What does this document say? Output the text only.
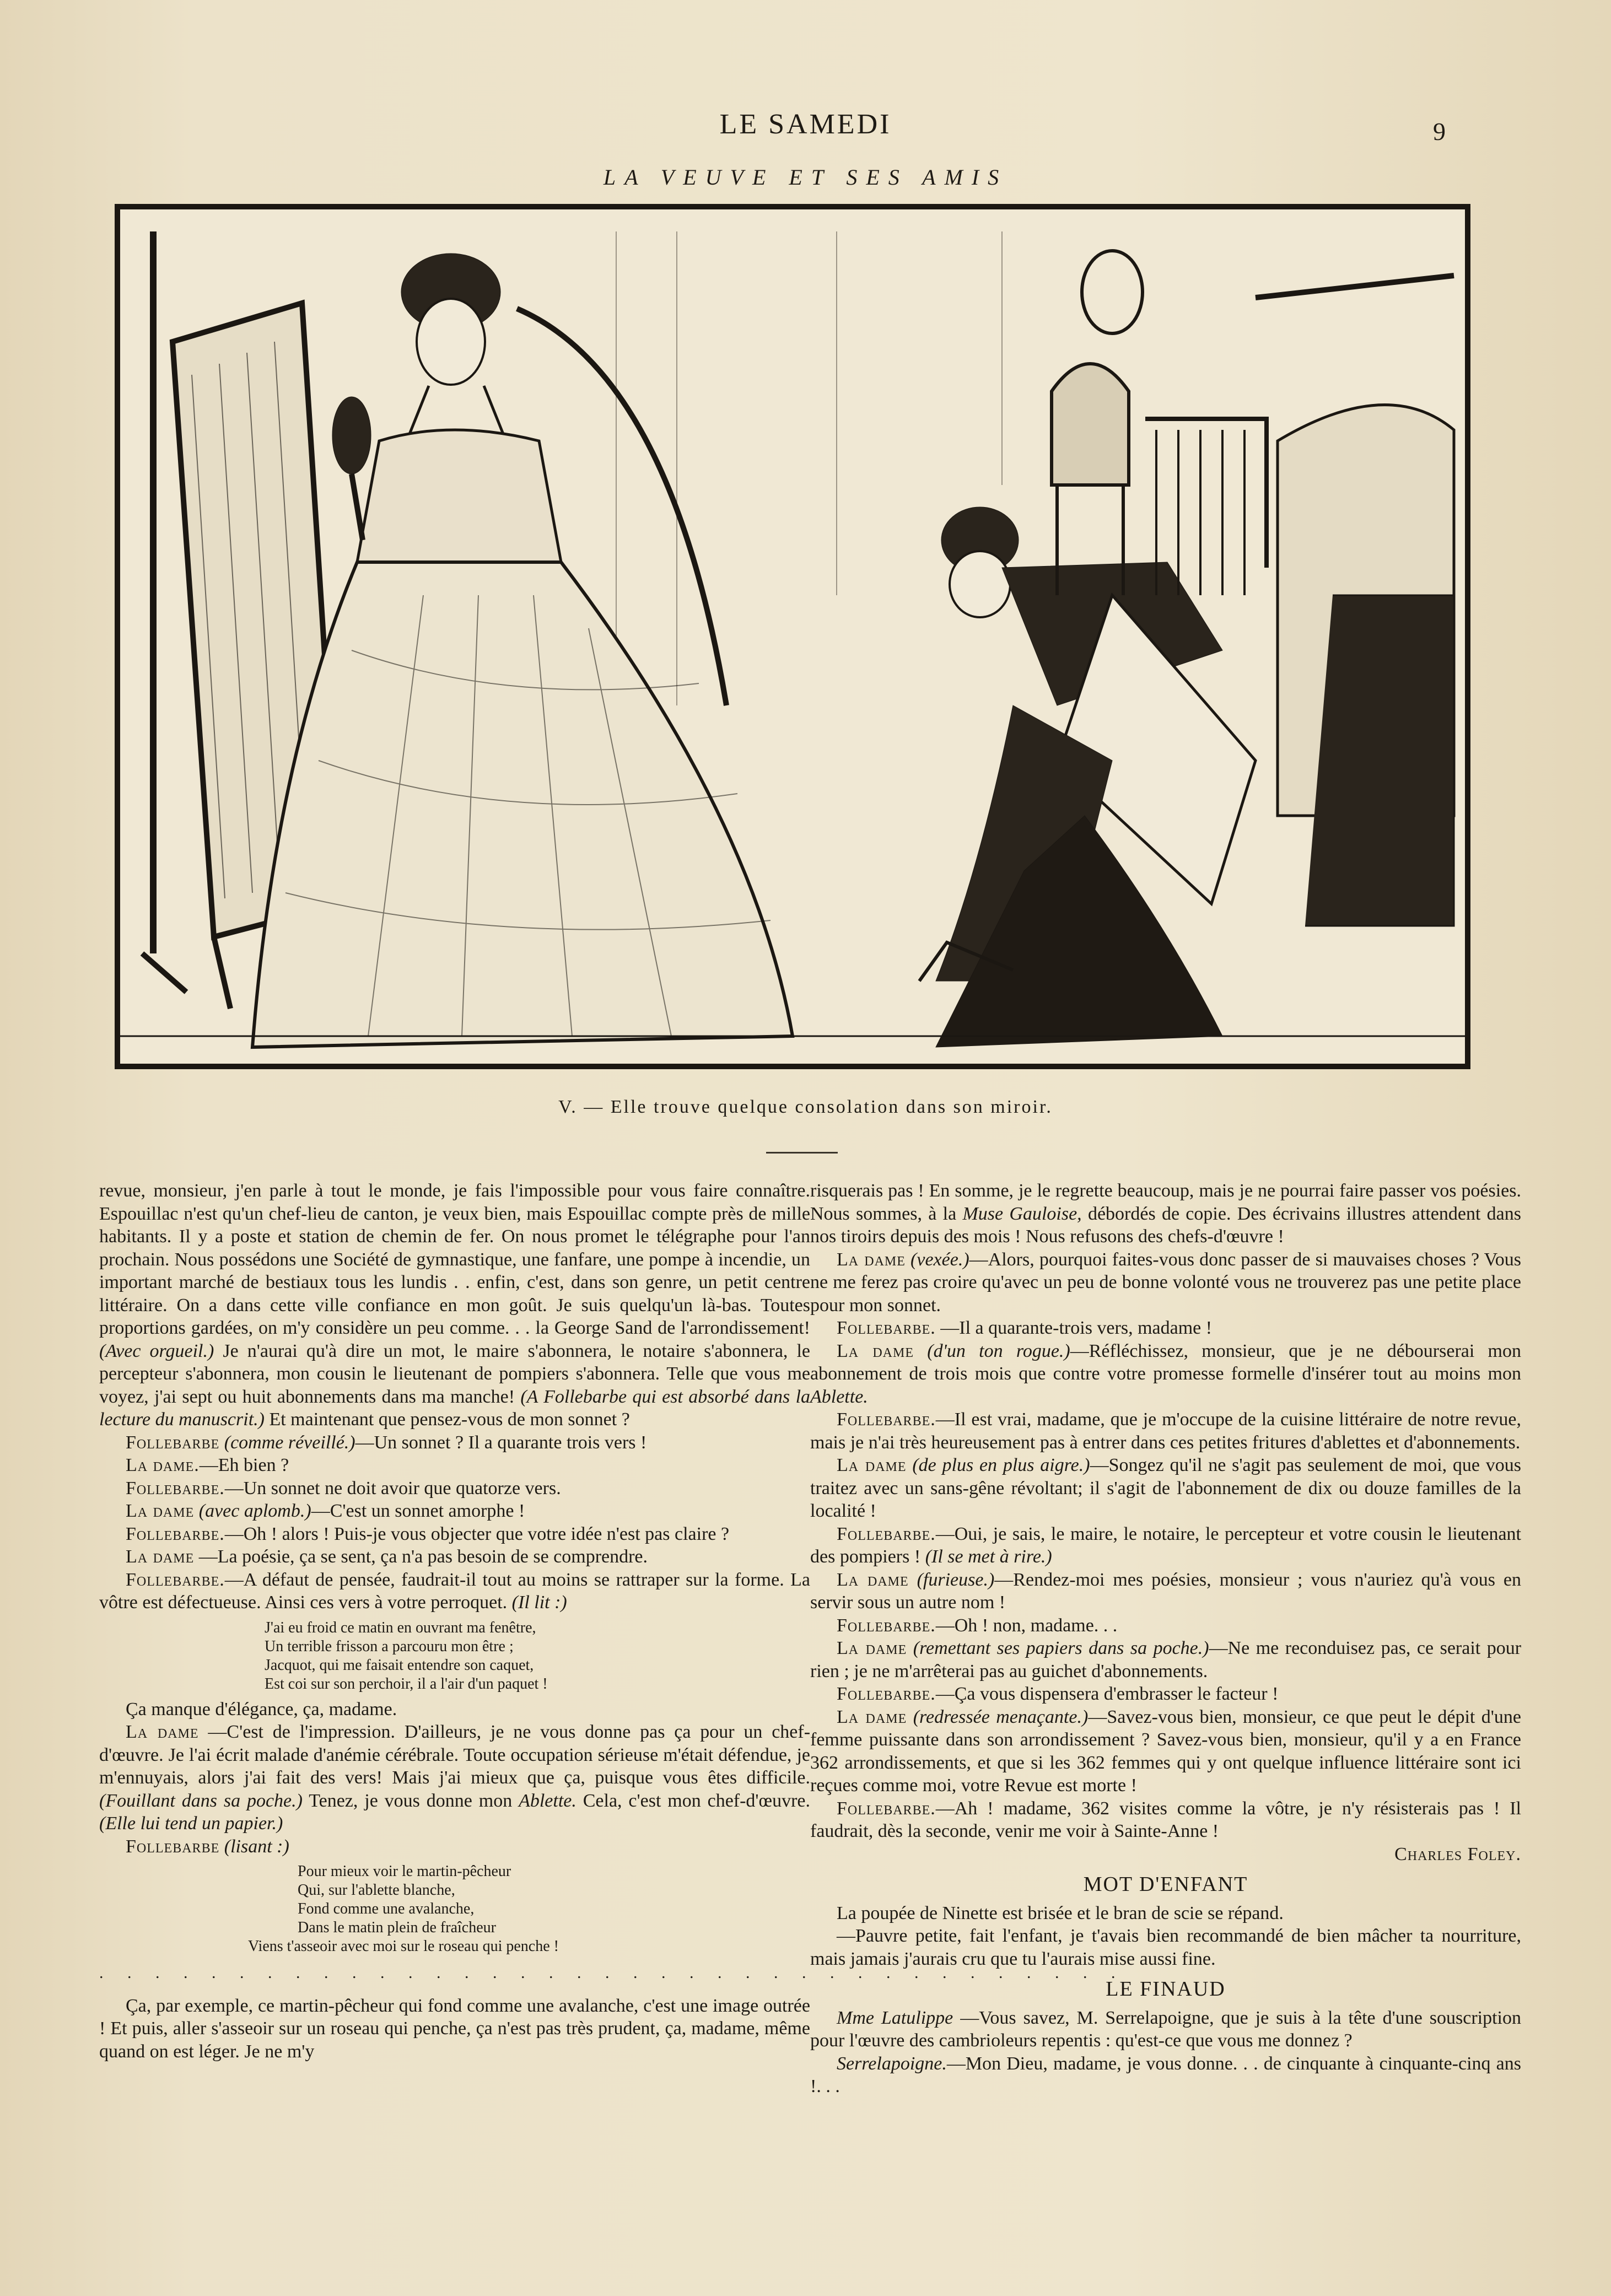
LE SAMEDI	9
LA VEUVE ET SES AMIS
V. — Elle trouve quelque consolation dans son miroir.

revue, monsieur, j'en parle à tout le monde, je fais l'impossible pour vous faire connaître. Espouillac n'est qu'un chef-lieu de canton, je veux bien, mais Espouillac compte près de mille habitants. Il y a poste et station de chemin de fer. On nous promet le télégraphe pour l'an prochain. Nous possédons une Société de gymnastique, une fanfare, une pompe à incendie, un important marché de bestiaux tous les lundis . . enfin, c'est, dans son genre, un petit centre littéraire. On a dans cette ville confiance en mon goût. Je suis quelqu'un là-bas. Toutes proportions gardées, on m'y considère un peu comme. . . la George Sand de l'arrondissement! (Avec orgueil.) Je n'aurai qu'à dire un mot, le maire s'abonnera, le notaire s'abonnera, le percepteur s'abonnera, mon cousin le lieutenant de pompiers s'abonnera. Telle que vous me voyez, j'ai sept ou huit abonnements dans ma manche! (A Follebarbe qui est absorbé dans la lecture du manuscrit.) Et maintenant que pensez-vous de mon sonnet ?

Follebarbe (comme réveillé.)—Un sonnet ? Il a quarante trois vers !

La dame.—Eh bien ?

Follebarbe.—Un sonnet ne doit avoir que quatorze vers.

La dame (avec aplomb.)—C'est un sonnet amorphe !

Follebarbe.—Oh ! alors ! Puis-je vous objecter que votre idée n'est pas claire ?

La dame —La poésie, ça se sent, ça n'a pas besoin de se comprendre.

Follebarbe.—A défaut de pensée, faudrait-il tout au moins se rattraper sur la forme. La vôtre est défectueuse. Ainsi ces vers à votre perroquet. (Il lit :)

J'ai eu froid ce matin en ouvrant ma fenêtre,
Un terrible frisson a parcouru mon être ;
Jacquot, qui me faisait entendre son caquet,
Est coi sur son perchoir, il a l'air d'un paquet !

Ça manque d'élégance, ça, madame.

La dame —C'est de l'impression. D'ailleurs, je ne vous donne pas ça pour un chef-d'œuvre. Je l'ai écrit malade d'anémie cérébrale. Toute occupation sérieuse m'était défendue, je m'ennuyais, alors j'ai fait des vers! Mais j'ai mieux que ça, puisque vous êtes difficile. (Fouillant dans sa poche.) Tenez, je vous donne mon Ablette. Cela, c'est mon chef-d'œuvre. (Elle lui tend un papier.)

Follebarbe (lisant :)

Pour mieux voir le martin-pêcheur
Qui, sur l'ablette blanche,
Fond comme une avalanche,
Dans le matin plein de fraîcheur
Viens t'asseoir avec moi sur le roseau qui penche !
. . . . . . . . . . . . . . . . . . . . . . . . . . . . . . . . . . . . .

Ça, par exemple, ce martin-pêcheur qui fond comme une avalanche, c'est une image outrée ! Et puis, aller s'asseoir sur un roseau qui penche, ça n'est pas très prudent, ça, madame, même quand on est léger. Je ne m'y

risquerais pas ! En somme, je le regrette beaucoup, mais je ne pourrai faire passer vos poésies. Nous sommes, à la Muse Gauloise, débordés de copie. Des écrivains illustres attendent dans nos tiroirs depuis des mois ! Nous refusons des chefs-d'œuvre !

La dame (vexée.)—Alors, pourquoi faites-vous donc passer de si mauvaises choses ? Vous ne me ferez pas croire qu'avec un peu de bonne volonté vous ne trouverez pas une petite place pour mon sonnet.

Follebarbe. —Il a quarante-trois vers, madame !

La dame (d'un ton rogue.)—Réfléchissez, monsieur, que je ne débourserai mon abonnement de trois mois que contre votre promesse formelle d'insérer tout au moins mon Ablette.

Follebarbe.—Il est vrai, madame, que je m'occupe de la cuisine littéraire de notre revue, mais je n'ai très heureusement pas à entrer dans ces petites fritures d'ablettes et d'abonnements.

La dame (de plus en plus aigre.)—Songez qu'il ne s'agit pas seulement de moi, que vous traitez avec un sans-gêne révoltant; il s'agit de l'abonnement de dix ou douze familles de la localité !

Follebarbe.—Oui, je sais, le maire, le notaire, le percepteur et votre cousin le lieutenant des pompiers ! (Il se met à rire.)

La dame (furieuse.)—Rendez-moi mes poésies, monsieur ; vous n'auriez qu'à vous en servir sous un autre nom !

Follebarbe.—Oh ! non, madame. . .

La dame (remettant ses papiers dans sa poche.)—Ne me reconduisez pas, ce serait pour rien ; je ne m'arrêterai pas au guichet d'abonnements.

Follebarbe.—Ça vous dispensera d'embrasser le facteur !

La dame (redressée menaçante.)—Savez-vous bien, monsieur, ce que peut le dépit d'une femme puissante dans son arrondissement ? Savez-vous bien, monsieur, qu'il y a en France 362 arrondissements, et que si les 362 femmes qui y ont quelque influence littéraire sont ici reçues comme moi, votre Revue est morte !

Follebarbe.—Ah ! madame, 362 visites comme la vôtre, je n'y résisterais pas ! Il faudrait, dès la seconde, venir me voir à Sainte-Anne !

Charles Foley.

MOT D'ENFANT

La poupée de Ninette est brisée et le bran de scie se répand.

—Pauvre petite, fait l'enfant, je t'avais bien recommandé de bien mâcher ta nourriture, mais jamais j'aurais cru que tu l'aurais mise aussi fine.

LE FINAUD

Mme Latulippe —Vous savez, M. Serrelapoigne, que je suis à la tête d'une souscription pour l'œuvre des cambrioleurs repentis : qu'est-ce que vous me donnez ?

Serrelapoigne.—Mon Dieu, madame, je vous donne. . . de cinquante à cinquante-cinq ans !. . .
